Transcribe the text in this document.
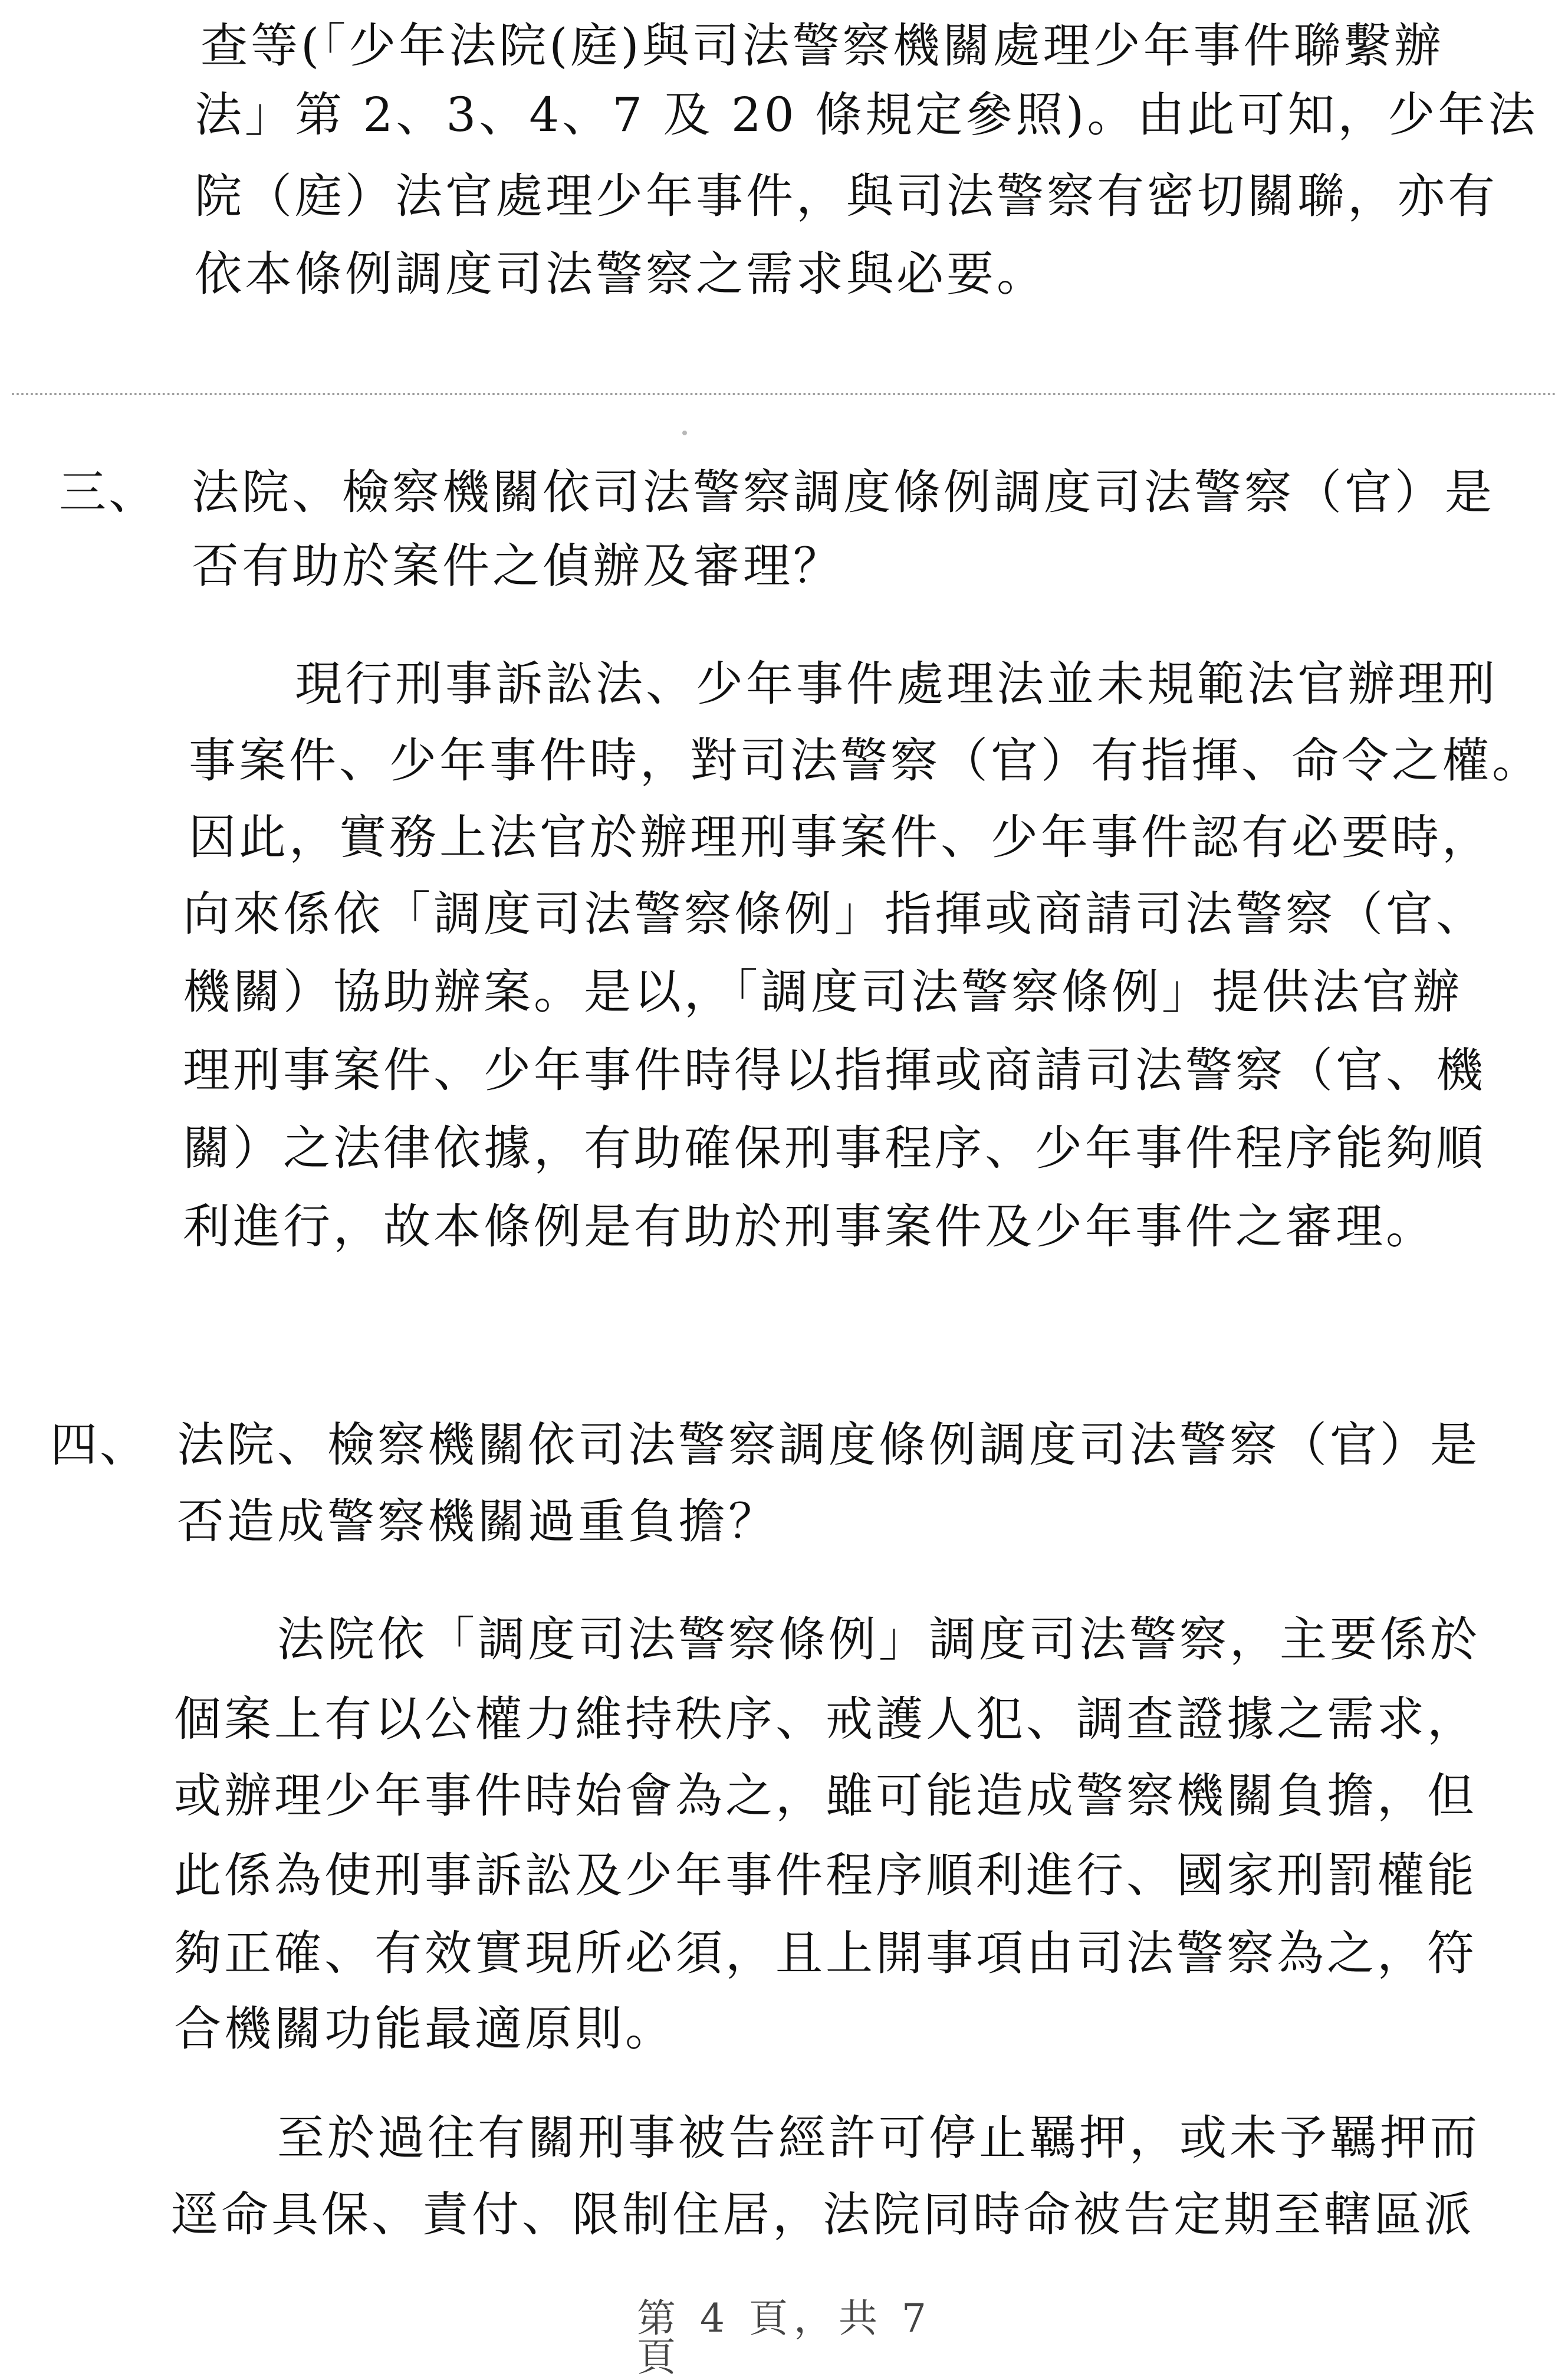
查等(「少年法院(庭)與司法警察機關處理少年事件聯繫辦
法」第 2、3、4、7 及 20 條規定參照)。由此可知，少年法
院（庭）法官處理少年事件，與司法警察有密切關聯，亦有
依本條例調度司法警察之需求與必要。
三、 法院、檢察機關依司法警察調度條例調度司法警察（官）是
否有助於案件之偵辦及審理？
現行刑事訴訟法、少年事件處理法並未規範法官辦理刑
事案件、少年事件時，對司法警察（官）有指揮、命令之權。
因此，實務上法官於辦理刑事案件、少年事件認有必要時，
向來係依「調度司法警察條例」指揮或商請司法警察（官、
機關）協助辦案。是以，「調度司法警察條例」提供法官辦
理刑事案件、少年事件時得以指揮或商請司法警察（官、機
關）之法律依據，有助確保刑事程序、少年事件程序能夠順
利進行，故本條例是有助於刑事案件及少年事件之審理。
四、 法院、檢察機關依司法警察調度條例調度司法警察（官）是
否造成警察機關過重負擔？
法院依「調度司法警察條例」調度司法警察，主要係於
個案上有以公權力維持秩序、戒護人犯、調查證據之需求，
或辦理少年事件時始會為之，雖可能造成警察機關負擔，但
此係為使刑事訴訟及少年事件程序順利進行、國家刑罰權能
夠正確、有效實現所必須，且上開事項由司法警察為之，符
合機關功能最適原則。
至於過往有關刑事被告經許可停止羈押，或未予羈押而
逕命具保、責付、限制住居，法院同時命被告定期至轄區派
第 4 頁，共 7 頁
